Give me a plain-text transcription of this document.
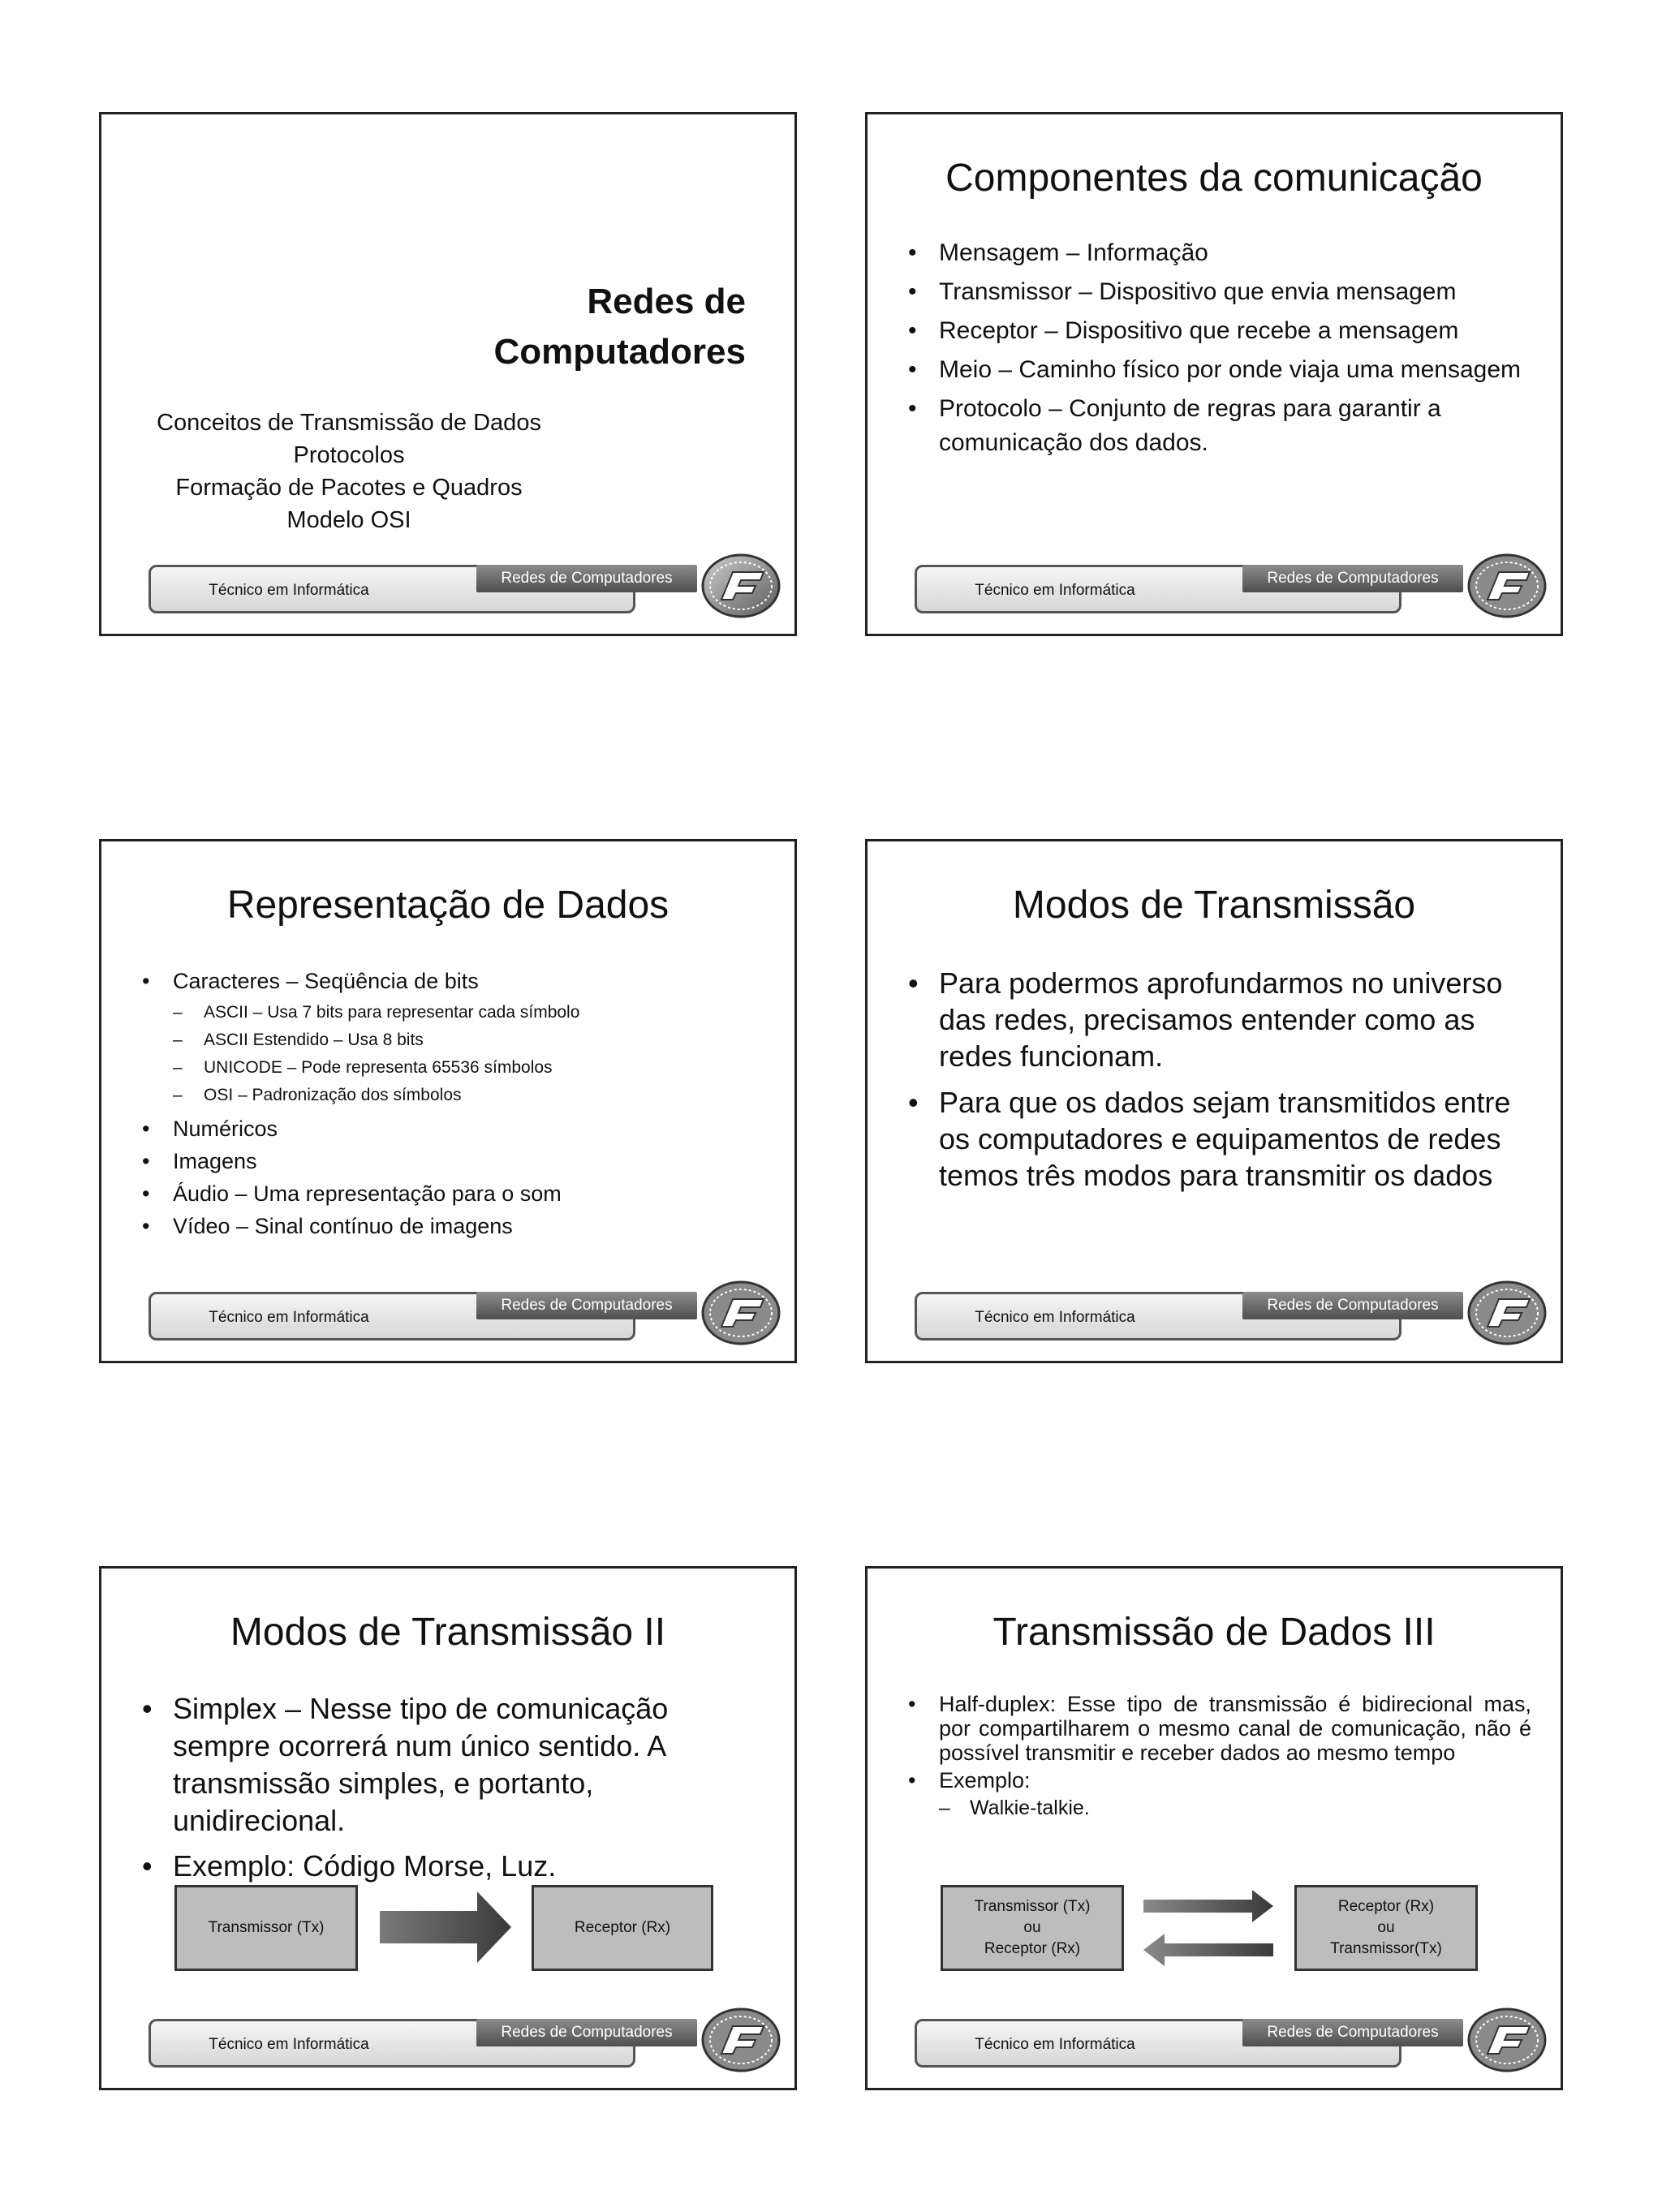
Redes de
Computadores
Conceitos de Transmissão de Dados
Protocolos
Formação de Pacotes e Quadros
Modelo OSI
Técnico em Informática
Redes de Computadores
Componentes da comunicação
• Mensagem – Informação
• Transmissor – Dispositivo que envia mensagem
• Receptor – Dispositivo que recebe a mensagem
• Meio – Caminho físico por onde viaja uma mensagem
• Protocolo – Conjunto de regras para garantir a comunicação dos dados.
Técnico em Informática
Redes de Computadores
Representação de Dados
• Caracteres – Seqüência de bits
– ASCII – Usa 7 bits para representar cada símbolo
– ASCII Estendido – Usa 8 bits
– UNICODE – Pode representa 65536 símbolos
– OSI – Padronização dos símbolos
• Numéricos
• Imagens
• Áudio – Uma representação para o som
• Vídeo – Sinal contínuo de imagens
Técnico em Informática
Redes de Computadores
Modos de Transmissão
• Para podermos aprofundarmos no universo das redes, precisamos entender como as redes funcionam.
• Para que os dados sejam transmitidos entre os computadores e equipamentos de redes temos três modos para transmitir os dados
Técnico em Informática
Redes de Computadores
Modos de Transmissão II
• Simplex – Nesse tipo de comunicação sempre ocorrerá num único sentido. A transmissão simples, e portanto, unidirecional.
• Exemplo: Código Morse, Luz.
Transmissor (Tx)	Receptor (Rx)
Técnico em Informática
Redes de Computadores
Transmissão de Dados III
• Half-duplex: Esse tipo de transmissão é bidirecional mas, por compartilharem o mesmo canal de comunicação, não é possível transmitir e receber dados ao mesmo tempo
• Exemplo:
– Walkie-talkie.
Transmissor (Tx)
ou
Receptor (Rx)
Receptor (Rx)
ou
Transmissor(Tx)
Técnico em Informática
Redes de Computadores
